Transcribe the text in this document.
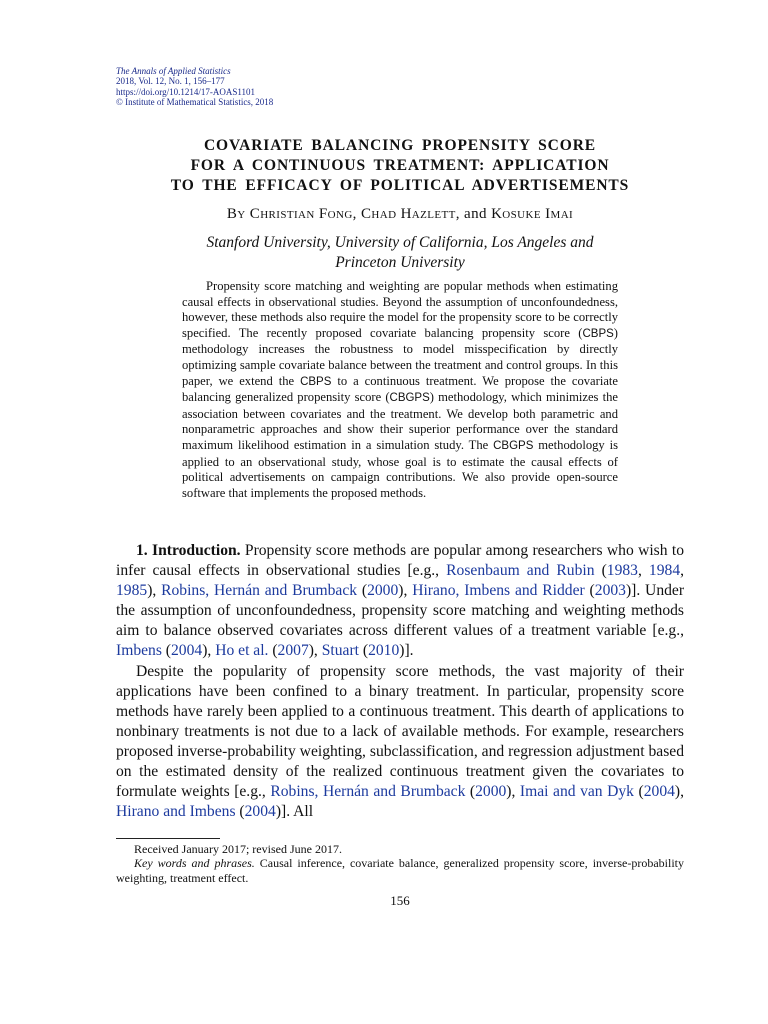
The Annals of Applied Statistics
2018, Vol. 12, No. 1, 156–177
https://doi.org/10.1214/17-AOAS1101
© Institute of Mathematical Statistics, 2018
COVARIATE BALANCING PROPENSITY SCORE
FOR A CONTINUOUS TREATMENT: APPLICATION
TO THE EFFICACY OF POLITICAL ADVERTISEMENTS
By Christian Fong, Chad Hazlett, and Kosuke Imai
Stanford University, University of California, Los Angeles and
Princeton University

Propensity score matching and weighting are popular methods when estimating causal effects in observational studies. Beyond the assumption of unconfoundedness, however, these methods also require the model for the propensity score to be correctly specified. The recently proposed covariate balancing propensity score (CBPS) methodology increases the robustness to model misspecification by directly optimizing sample covariate balance between the treatment and control groups. In this paper, we extend the CBPS to a continuous treatment. We propose the covariate balancing generalized propensity score (CBGPS) methodology, which minimizes the association between covariates and the treatment. We develop both parametric and nonparametric approaches and show their superior performance over the standard maximum likelihood estimation in a simulation study. The CBGPS methodology is applied to an observational study, whose goal is to estimate the causal effects of political advertisements on campaign contributions. We also provide open-source software that implements the proposed methods.

1. Introduction. Propensity score methods are popular among researchers who wish to infer causal effects in observational studies [e.g., Rosenbaum and Rubin (1983, 1984, 1985), Robins, Hernán and Brumback (2000), Hirano, Imbens and Ridder (2003)]. Under the assumption of unconfoundedness, propensity score matching and weighting methods aim to balance observed covariates across different values of a treatment variable [e.g., Imbens (2004), Ho et al. (2007), Stuart (2010)].

Despite the popularity of propensity score methods, the vast majority of their applications have been confined to a binary treatment. In particular, propensity score methods have rarely been applied to a continuous treatment. This dearth of applications to nonbinary treatments is not due to a lack of available methods. For example, researchers proposed inverse-probability weighting, subclassification, and regression adjustment based on the estimated density of the realized continuous treatment given the covariates to formulate weights [e.g., Robins, Hernán and Brumback (2000), Imai and van Dyk (2004), Hirano and Imbens (2004)]. All

Received January 2017; revised June 2017.

Key words and phrases. Causal inference, covariate balance, generalized propensity score, inverse-probability weighting, treatment effect.

156
